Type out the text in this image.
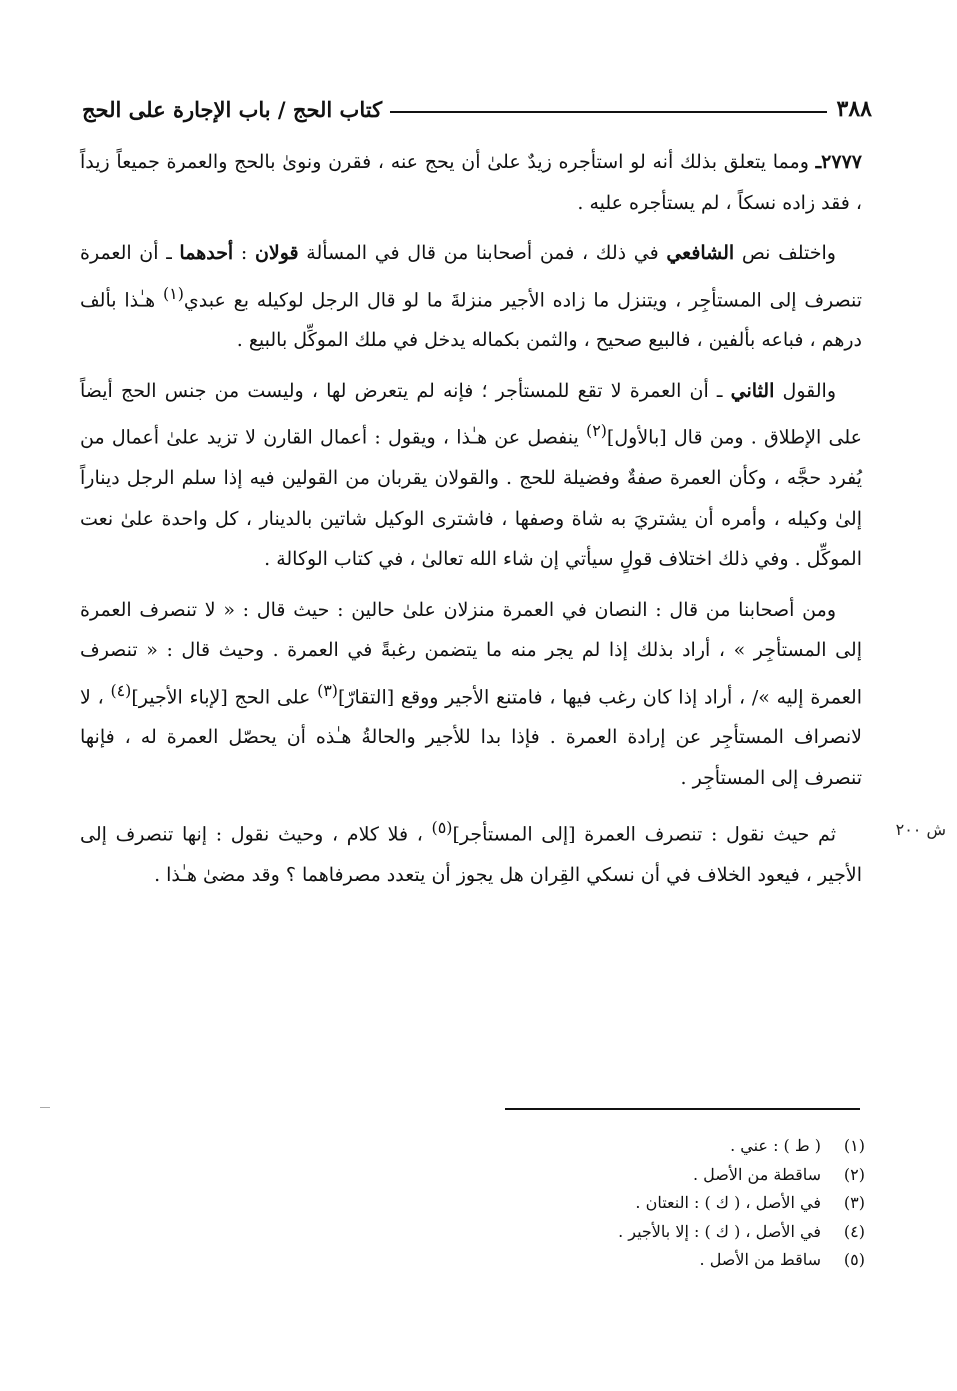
٣٨٨
كتاب الحج / باب الإجارة على الحج

٢٧٧٧ـ ومما يتعلق بذلك أنه لو استأجره زيدٌ علىٰ أن يحج عنه ، فقرن ونوىٰ بالحج والعمرة جميعاً زيداً ، فقد زاده نسكاً ، لم يستأجره عليه .

واختلف نص الشافعي في ذلك ، فمن أصحابنا من قال في المسألة قولان : أحدهما ـ أن العمرة تنصرف إلى المستأجِر ، ويتنزل ما زاده الأجير منزلةَ ما لو قال الرجل لوكيله بع عبدي$^{(١)}$ هـٰذا بألف درهم ، فباعه بألفين ، فالبيع صحيح ، والثمن بكماله يدخل في ملك الموكِّل بالبيع .

والقول الثاني ـ أن العمرة لا تقع للمستأجر ؛ فإنه لم يتعرض لها ، وليست من جنس الحج أيضاً على الإطلاق . ومن قال [بالأول]$^{(٢)}$ ينفصل عن هـٰذا ، ويقول : أعمال القارن لا تزيد علىٰ أعمال من يُفرد حجَّه ، وكأن العمرة صفةٌ وفضيلة للحج . والقولان يقربان من القولين فيه إذا سلم الرجل ديناراً إلىٰ وكيله ، وأمره أن يشتريَ به شاة وصفها ، فاشترى الوكيل شاتين بالدينار ، كل واحدة علىٰ نعت الموكِّل . وفي ذلك اختلاف قولٍ سيأتي إن شاء الله تعالىٰ ، في كتاب الوكالة .

ومن أصحابنا من قال : النصان في العمرة منزلان علىٰ حالين : حيث قال : « لا تنصرف العمرة إلى المستأجِر » ، أراد بذلك إذا لم يجر منه ما يتضمن رغبةً في العمرة . وحيث قال : « تنصرف العمرة إليه »/ ، أراد إذا كان رغب فيها ، فامتنع الأجير ووقع [التقارّ]$^{(٣)}$ على الحج [لإباء الأجير]$^{(٤)}$ ، لا لانصراف المستأجِر عن إرادة العمرة . فإذا بدا للأجير والحالةُ هـٰذه أن يحصّل العمرة له ، فإنها تنصرف إلى المستأجِر .

ثم حيث نقول : تنصرف العمرة [إلى المستأجر]$^{(٥)}$ ، فلا كلام ، وحيث نقول : إنها تنصرف إلى الأجير ، فيعود الخلاف في أن نسكي القِران هل يجوز أن يتعدد مصرفاهما ؟ وقد مضىٰ هـٰذا .

ش ٢٠٠
(١)
( ط ) : عني .
(٢)
ساقطة من الأصل .
(٣)
في الأصل ، ( ك ) : النعتان .
(٤)
في الأصل ، ( ك ) : إلا بالأجير .
(٥)
ساقط من الأصل .
